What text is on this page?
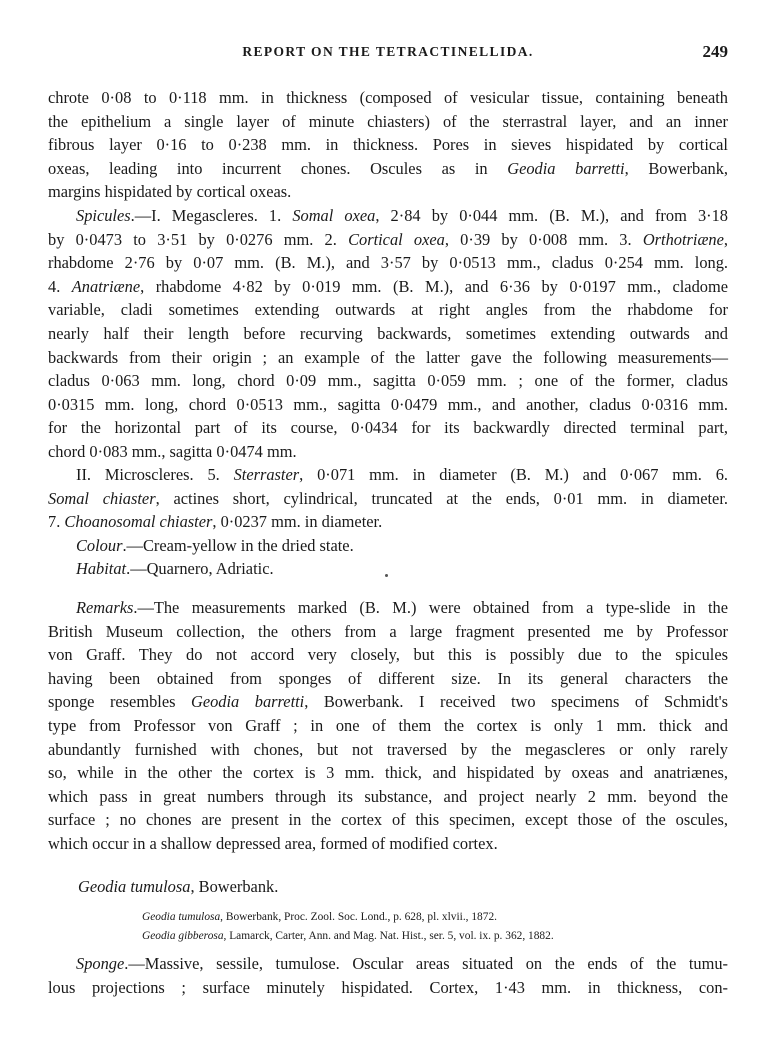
REPORT ON THE TETRACTINELLIDA.	249

chrote 0·08 to 0·118 mm. in thickness (composed of vesicular tissue, containing beneath
the epithelium a single layer of minute chiasters) of the sterrastral layer, and an inner
fibrous layer 0·16 to 0·238 mm. in thickness. Pores in sieves hispidated by cortical
oxeas, leading into incurrent chones. Oscules as in Geodia barretti, Bowerbank,
margins hispidated by cortical oxeas.

Spicules.—I. Megascleres. 1. Somal oxea, 2·84 by 0·044 mm. (B. M.), and from 3·18
by 0·0473 to 3·51 by 0·0276 mm. 2. Cortical oxea, 0·39 by 0·008 mm. 3. Orthotriæne,
rhabdome 2·76 by 0·07 mm. (B. M.), and 3·57 by 0·0513 mm., cladus 0·254 mm. long.
4. Anatriæne, rhabdome 4·82 by 0·019 mm. (B. M.), and 6·36 by 0·0197 mm., cladome
variable, cladi sometimes extending outwards at right angles from the rhabdome for
nearly half their length before recurving backwards, sometimes extending outwards and
backwards from their origin ; an example of the latter gave the following measurements—
cladus 0·063 mm. long, chord 0·09 mm., sagitta 0·059 mm. ; one of the former, cladus
0·0315 mm. long, chord 0·0513 mm., sagitta 0·0479 mm., and another, cladus 0·0316 mm.
for the horizontal part of its course, 0·0434 for its backwardly directed terminal part,
chord 0·083 mm., sagitta 0·0474 mm.

II. Microscleres. 5. Sterraster, 0·071 mm. in diameter (B. M.) and 0·067 mm. 6.
Somal chiaster, actines short, cylindrical, truncated at the ends, 0·01 mm. in diameter.
7. Choanosomal chiaster, 0·0237 mm. in diameter.

Colour.—Cream-yellow in the dried state.

Habitat.—Quarnero, Adriatic.

Remarks.—The measurements marked (B. M.) were obtained from a type-slide in the
British Museum collection, the others from a large fragment presented me by Professor
von Graff. They do not accord very closely, but this is possibly due to the spicules
having been obtained from sponges of different size. In its general characters the
sponge resembles Geodia barretti, Bowerbank. I received two specimens of Schmidt's
type from Professor von Graff ; in one of them the cortex is only 1 mm. thick and
abundantly furnished with chones, but not traversed by the megascleres or only rarely
so, while in the other the cortex is 3 mm. thick, and hispidated by oxeas and anatriænes,
which pass in great numbers through its substance, and project nearly 2 mm. beyond the
surface ; no chones are present in the cortex of this specimen, except those of the oscules,
which occur in a shallow depressed area, formed of modified cortex.

Geodia tumulosa, Bowerbank.
Geodia tumulosa, Bowerbank, Proc. Zool. Soc. Lond., p. 628, pl. xlvii., 1872.
Geodia gibberosa, Lamarck, Carter, Ann. and Mag. Nat. Hist., ser. 5, vol. ix. p. 362, 1882.

Sponge.—Massive, sessile, tumulose. Oscular areas situated on the ends of the tumu-
lous projections ; surface minutely hispidated. Cortex, 1·43 mm. in thickness, con-
